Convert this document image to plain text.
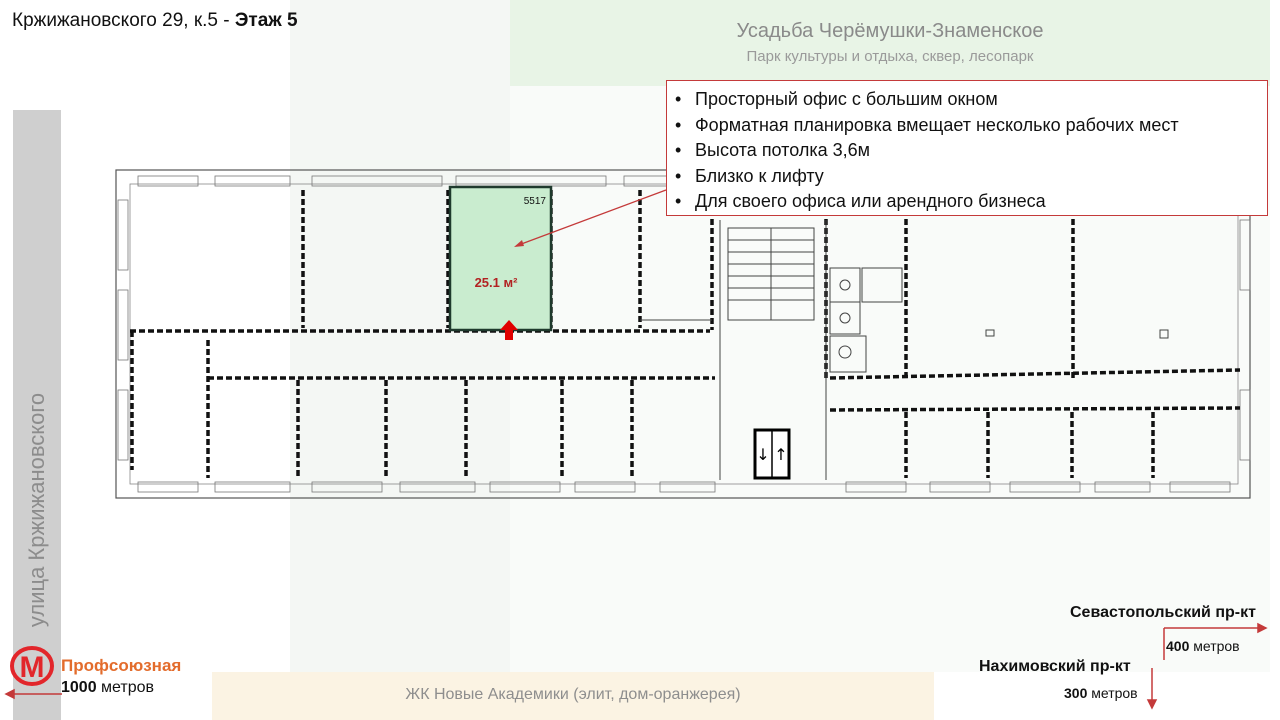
Усадьба Черёмушки-Знаменское
Парк культуры и отдыха, сквер, лесопарк
ЖК Новые Академики (элит, дом-оранжерея)
улица Кржижановского
Кржижановского 29, к.5 - Этаж 5
↓ ↑
5517
25.1 м²
• Просторный офис с большим окном
• Форматная планировка вмещает несколько рабочих мест
• Высота потолка 3,6м
• Близко к лифту
• Для своего офиса или арендного бизнеса
М Профсоюзная
1000 метров
Севастопольский пр-кт
400 метров
Нахимовский пр-кт
300 метров
